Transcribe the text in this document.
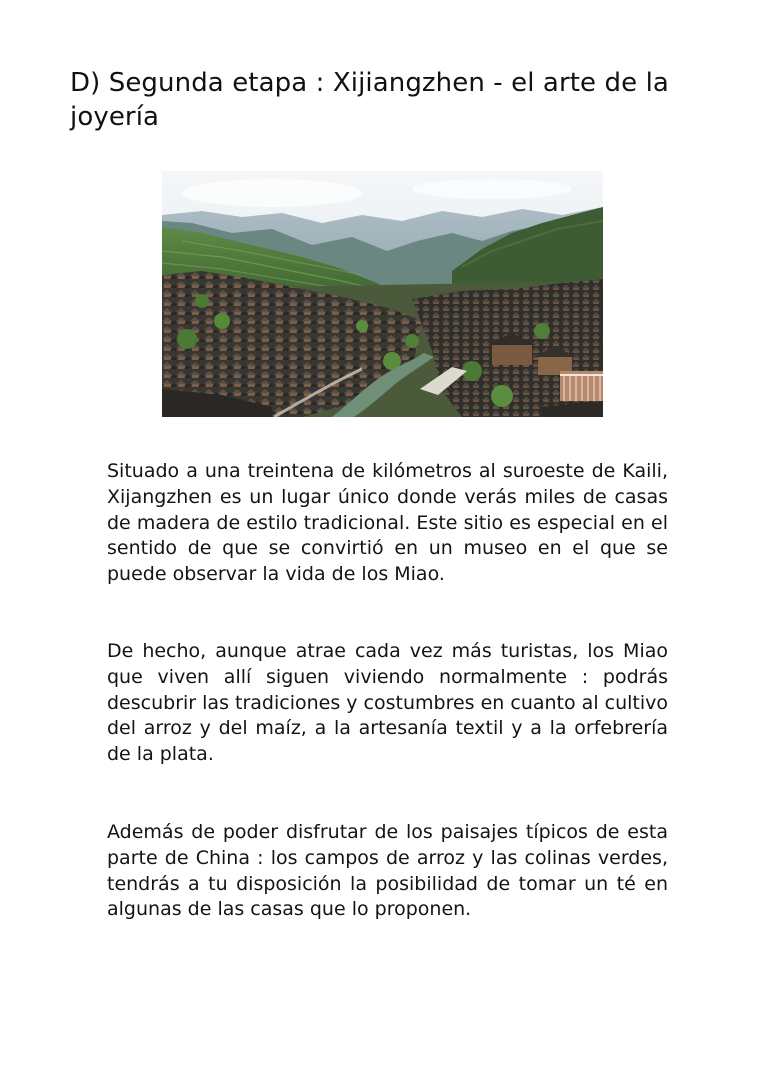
D) Segunda etapa : Xijiangzhen - el arte de la joyería

Situado a una treintena de kilómetros al suroeste de Kaili, Xijangzhen es un lugar único donde verás miles de casas de madera de estilo tradicional. Este sitio es especial en el sentido de que se convirtió en un museo en el que se puede observar la vida de los Miao.

De hecho, aunque atrae cada vez más turistas, los Miao que viven allí siguen viviendo normalmente : podrás descubrir las tradiciones y costumbres en cuanto al cultivo del arroz y del maíz, a la artesanía textil y a la orfebrería de la plata.

Además de poder disfrutar de los paisajes típicos de esta parte de China : los campos de arroz y las colinas verdes, tendrás a tu disposición la posibilidad de tomar un té en algunas de las casas que lo proponen.
